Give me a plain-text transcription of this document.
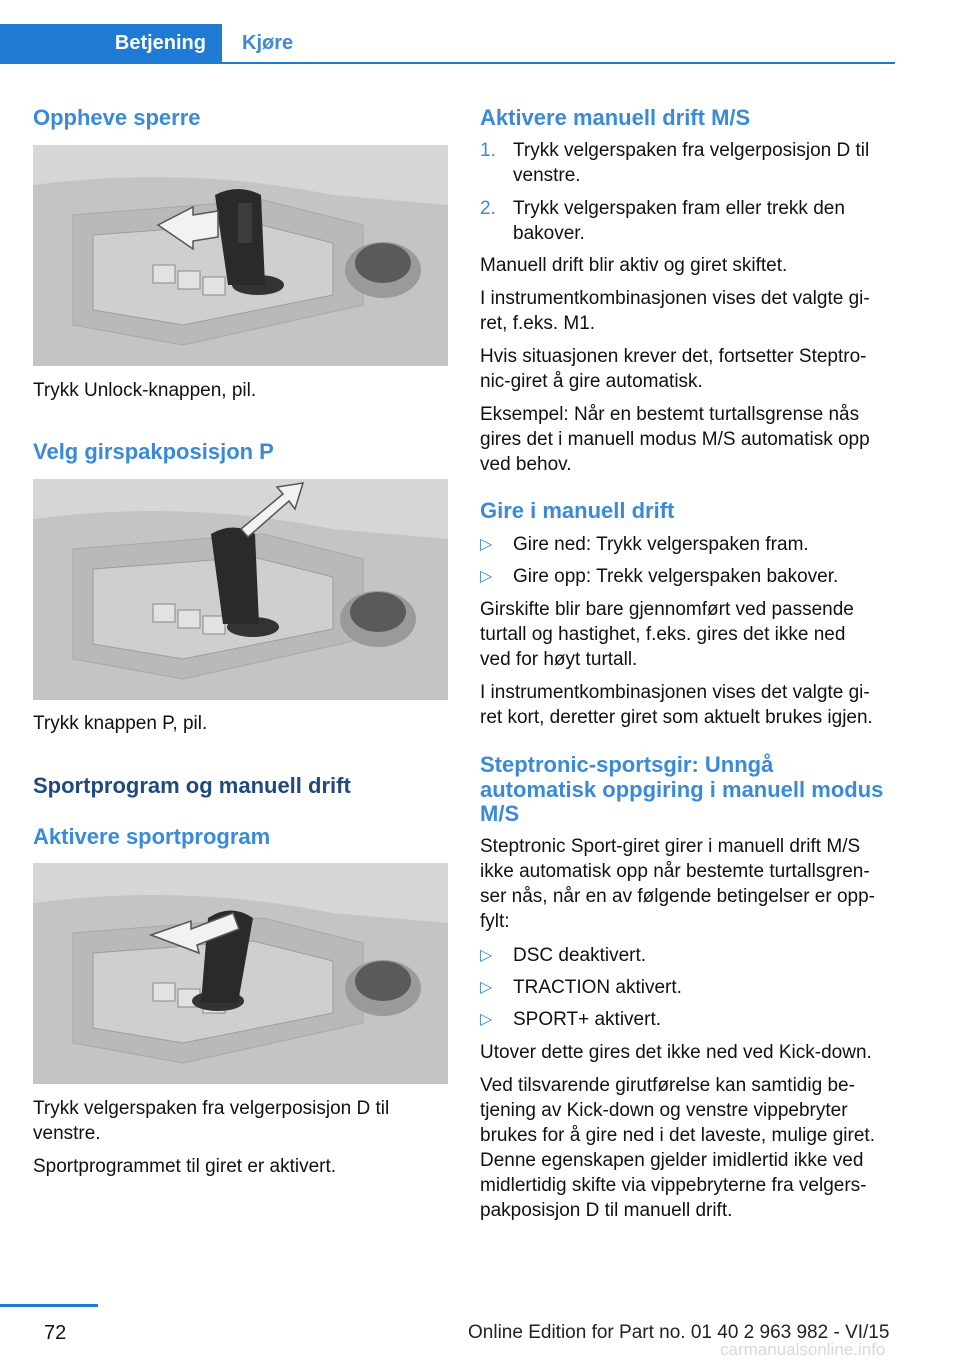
Betjening Kjøre
Oppheve sperre
Trykk Unlock-knappen, pil.
Velg girspakposisjon P
Trykk knappen P, pil.
Sportprogram og manuell drift
Aktivere sportprogram
Trykk velgerspaken fra velgerposisjon D til
venstre.
Sportprogrammet til giret er aktivert.
Aktivere manuell drift M/S
1. Trykk velgerspaken fra velgerposisjon D til
venstre.
2. Trykk velgerspaken fram eller trekk den
bakover.
Manuell drift blir aktiv og giret skiftet.
I instrumentkombinasjonen vises det valgte gi‐
ret, f.eks. M1.
Hvis situasjonen krever det, fortsetter Steptro‐
nic-giret å gire automatisk.
Eksempel: Når en bestemt turtallsgrense nås
gires det i manuell modus M/S automatisk opp
ved behov.
Gire i manuell drift
▷ Gire ned: Trykk velgerspaken fram.
▷ Gire opp: Trekk velgerspaken bakover.
Girskifte blir bare gjennomført ved passende
turtall og hastighet, f.eks. gires det ikke ned
ved for høyt turtall.
I instrumentkombinasjonen vises det valgte gi‐
ret kort, deretter giret som aktuelt brukes igjen.
Steptronic-sportsgir: Unngå
automatisk oppgiring i manuell modus
M/S
Steptronic Sport-giret girer i manuell drift M/S
ikke automatisk opp når bestemte turtallsgren‐
ser nås, når en av følgende betingelser er opp‐
fylt:
▷ DSC deaktivert.
▷ TRACTION aktivert.
▷ SPORT+ aktivert.
Utover dette gires det ikke ned ved Kick-down.
Ved tilsvarende girutførelse kan samtidig be‐
tjening av Kick-down og venstre vippebryter
brukes for å gire ned i det laveste, mulige giret.
Denne egenskapen gjelder imidlertid ikke ved
midlertidig skifte via vippebryterne fra velgers‐
pakposisjon D til manuell drift.
72	Online Edition for Part no. 01 40 2 963 982 - VI/15
carmanualsonline.info
